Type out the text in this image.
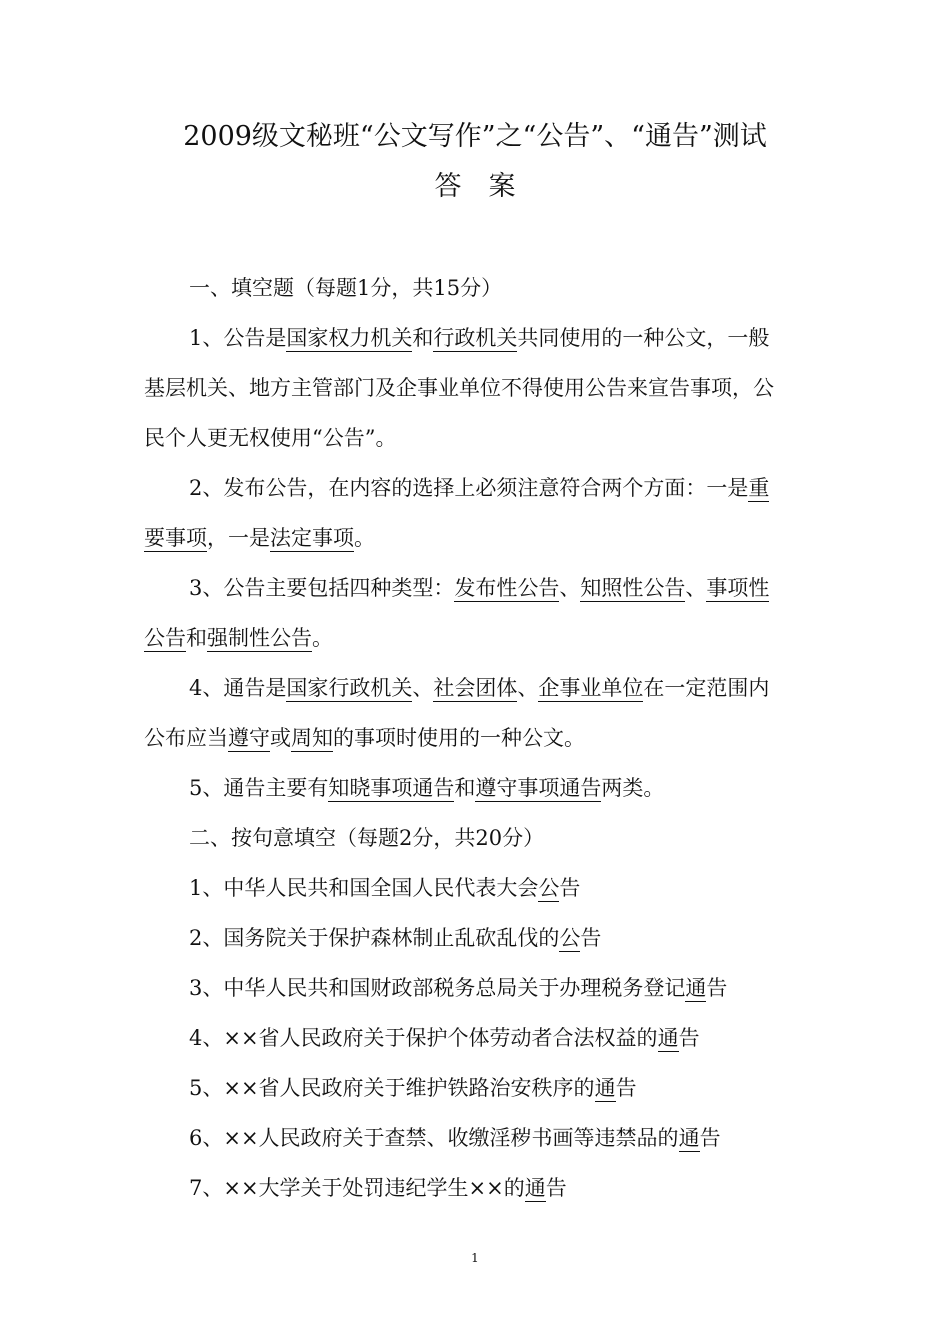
2009级文秘班“公文写作”之“公告”、“通告”测试
答　案
一、填空题（每题1分，共15分）
1、公告是国家权力机关和行政机关共同使用的一种公文，一般
基层机关、地方主管部门及企事业单位不得使用公告来宣告事项，公
民个人更无权使用“公告”。
2、发布公告，在内容的选择上必须注意符合两个方面：一是重
要事项，一是法定事项。
3、公告主要包括四种类型：发布性公告、知照性公告、事项性
公告和强制性公告。
4、通告是国家行政机关、社会团体、企事业单位在一定范围内
公布应当遵守或周知的事项时使用的一种公文。
5、通告主要有知晓事项通告和遵守事项通告两类。
二、按句意填空（每题2分，共20分）
1、中华人民共和国全国人民代表大会公告
2、国务院关于保护森林制止乱砍乱伐的公告
3、中华人民共和国财政部税务总局关于办理税务登记通告
4、××省人民政府关于保护个体劳动者合法权益的通告
5、××省人民政府关于维护铁路治安秩序的通告
6、××人民政府关于查禁、收缴淫秽书画等违禁品的通告
7、××大学关于处罚违纪学生××的通告
1
